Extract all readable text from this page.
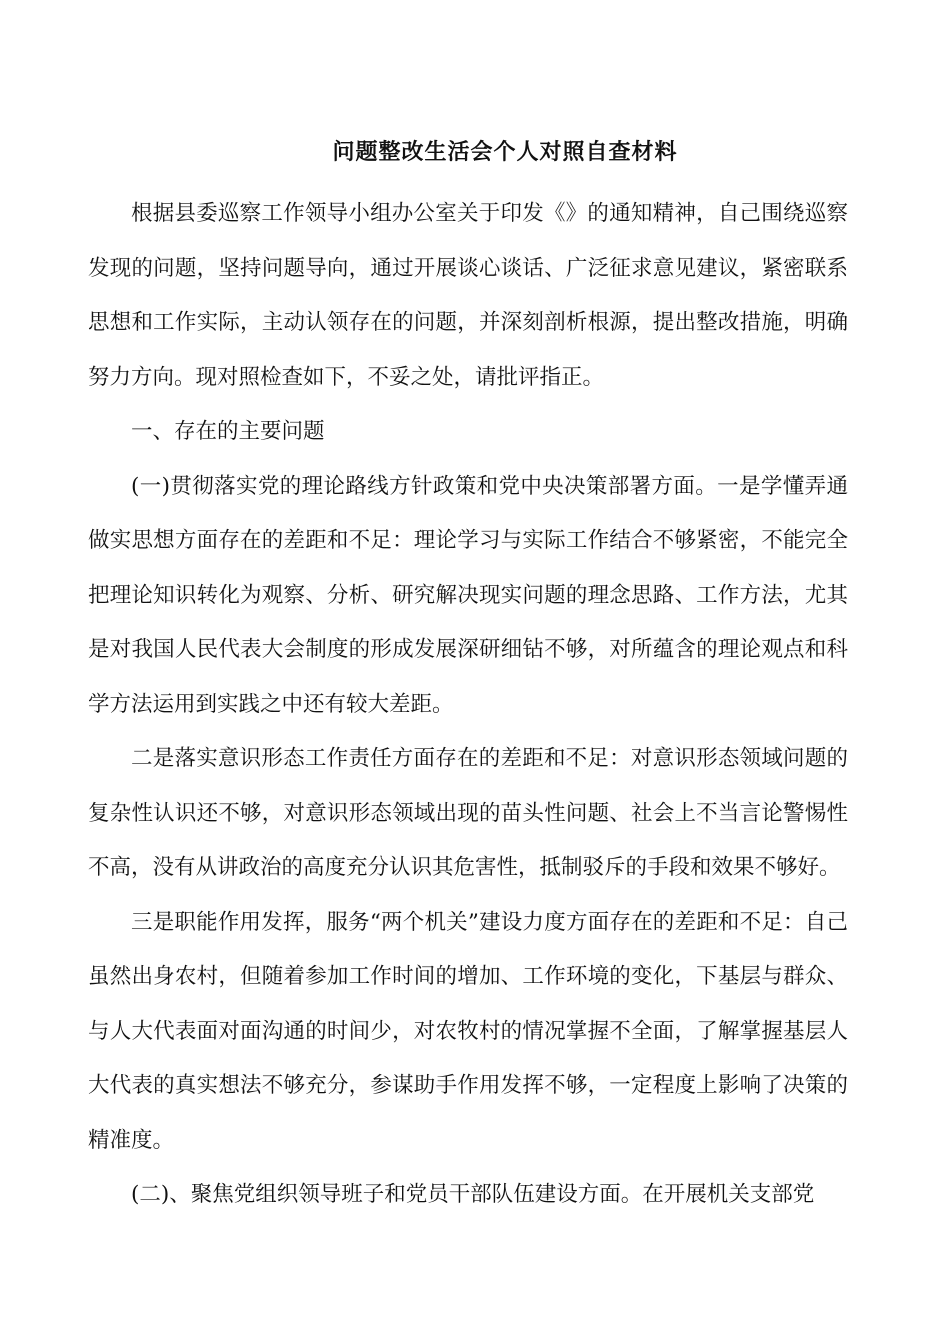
问题整改生活会个人对照自查材料

根据县委巡察工作领导小组办公室关于印发《》的通知精神，自己围绕巡察发现的问题，坚持问题导向，通过开展谈心谈话、广泛征求意见建议，紧密联系思想和工作实际，主动认领存在的问题，并深刻剖析根源，提出整改措施，明确努力方向。现对照检查如下，不妥之处，请批评指正。

一、存在的主要问题

(一)贯彻落实党的理论路线方针政策和党中央决策部署方面。一是学懂弄通做实思想方面存在的差距和不足：理论学习与实际工作结合不够紧密，不能完全把理论知识转化为观察、分析、研究解决现实问题的理念思路、工作方法，尤其是对我国人民代表大会制度的形成发展深研细钻不够，对所蕴含的理论观点和科学方法运用到实践之中还有较大差距。

二是落实意识形态工作责任方面存在的差距和不足：对意识形态领域问题的复杂性认识还不够，对意识形态领域出现的苗头性问题、社会上不当言论警惕性不高，没有从讲政治的高度充分认识其危害性，抵制驳斥的手段和效果不够好。

三是职能作用发挥，服务“两个机关”建设力度方面存在的差距和不足：自己虽然出身农村，但随着参加工作时间的增加、工作环境的变化，下基层与群众、与人大代表面对面沟通的时间少，对农牧村的情况掌握不全面，了解掌握基层人大代表的真实想法不够充分，参谋助手作用发挥不够，一定程度上影响了决策的精准度。

(二)、聚焦党组织领导班子和党员干部队伍建设方面。在开展机关支部党
